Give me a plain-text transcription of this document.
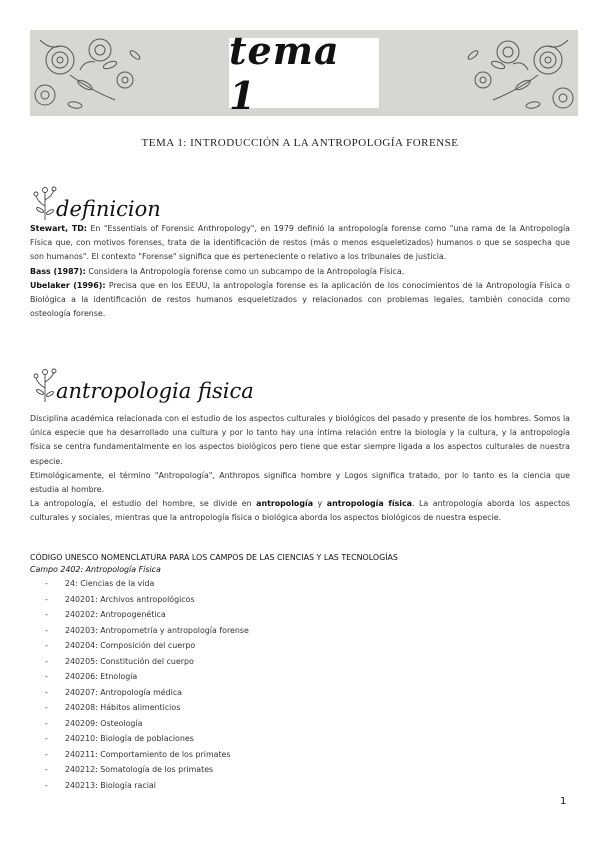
tema 1
TEMA 1: INTRODUCCIÓN A LA ANTROPOLOGÍA FORENSE
definicion

Stewart, TD: En "Essentials of Forensic Anthropology", en 1979 definió la antropología forense como "una rama de la Antropología Física que, con motivos forenses, trata de la identificación de restos (más o menos esqueletizados) humanos o que se sospecha que son humanos". El contexto "Forense" significa que es perteneciente o relativo a los tribunales de justicia.

Bass (1987): Considera la Antropología forense como un subcampo de la Antropología Física.

Ubelaker (1996): Precisa que en los EEUU, la antropología forense es la aplicación de los conocimientos de la Antropología Física o Biológica a la identificación de restos humanos esqueletizados y relacionados con problemas legales, también conocida como osteología forense.

antropologia fisica

Disciplina académica relacionada con el estudio de los aspectos culturales y biológicos del pasado y presente de los hombres. Somos la única especie que ha desarrollado una cultura y por lo tanto hay una íntima relación entre la biología y la cultura, y la antropología física se centra fundamentalmente en los aspectos biológicos pero tiene que estar siempre ligada a los aspectos culturales de nuestra especie.

Etimológicamente, el término "Antropología", Anthropos significa hombre y Logos significa tratado, por lo tanto es la ciencia que estudia al hombre.

La antropología, el estudio del hombre, se divide en antropología y antropología física. La antropología aborda los aspectos culturales y sociales, mientras que la antropología física o biológica aborda los aspectos biológicos de nuestra especie.

CÓDIGO UNESCO NOMENCLATURA PARA LOS CAMPOS DE LAS CIENCIAS Y LAS TECNOLOGÍAS
Campo 2402: Antropología Física
-	24: Ciencias de la vida
-	240201: Archivos antropológicos
-	240202: Antropogenética
-	240203: Antropometría y antropología forense
-	240204: Composición del cuerpo
-	240205: Constitución del cuerpo
-	240206: Etnología
-	240207: Antropología médica
-	240208: Hábitos alimenticios
-	240209: Osteología
-	240210: Biología de poblaciones
-	240211: Comportamiento de los primates
-	240212: Somatología de los primates
-	240213: Biología racial
1
